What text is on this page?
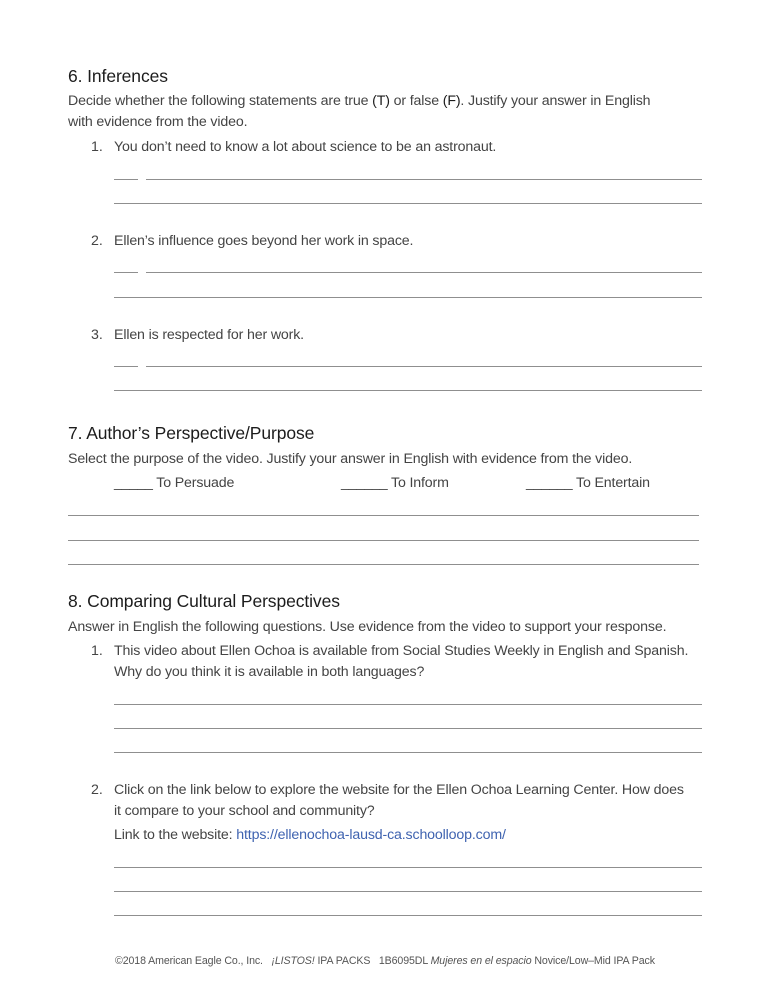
6. Inferences
Decide whether the following statements are true (T) or false (F). Justify your answer in English
with evidence from the video.
1. You don’t need to know a lot about science to be an astronaut.
2. Ellen’s influence goes beyond her work in space.
3. Ellen is respected for her work.
7. Author’s Perspective/Purpose
Select the purpose of the video. Justify your answer in English with evidence from the video.
_____ To Persuade	______ To Inform	______ To Entertain
8. Comparing Cultural Perspectives
Answer in English the following questions. Use evidence from the video to support your response.
1. This video about Ellen Ochoa is available from Social Studies Weekly in English and Spanish.
Why do you think it is available in both languages?
2. Click on the link below to explore the website for the Ellen Ochoa Learning Center. How does
it compare to your school and community?
Link to the website: https://ellenochoa-lausd-ca.schoolloop.com/
©2018 American Eagle Co., Inc. ¡LISTOS! IPA PACKS 1B6095DL Mujeres en el espacio Novice/Low–Mid IPA Pack
